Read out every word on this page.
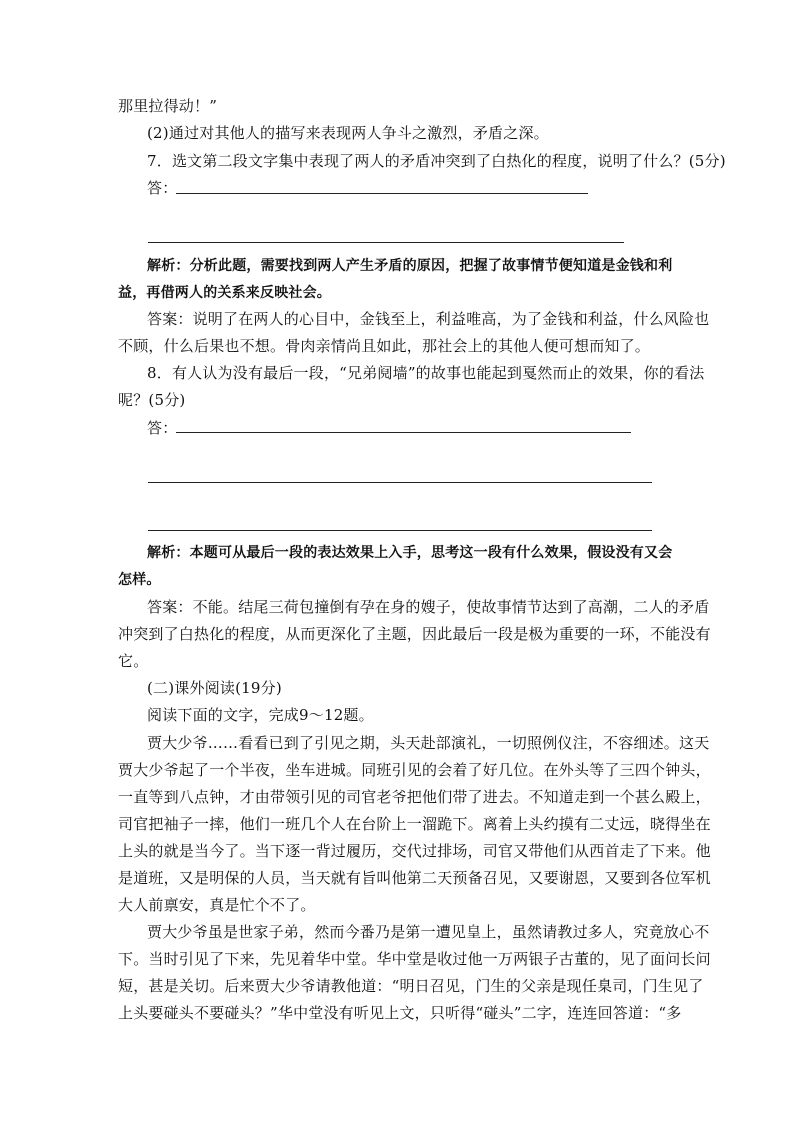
那里拉得动！”
(2)通过对其他人的描写来表现两人争斗之激烈，矛盾之深。
7．选文第二段文字集中表现了两人的矛盾冲突到了白热化的程度，说明了什么？(5分)
答：
解析：分析此题，需要找到两人产生矛盾的原因，把握了故事情节便知道是金钱和利
益，再借两人的关系来反映社会。
答案：说明了在两人的心目中，金钱至上，利益唯高，为了金钱和利益，什么风险也
不顾，什么后果也不想。骨肉亲情尚且如此，那社会上的其他人便可想而知了。
8．有人认为没有最后一段，“兄弟阋墙”的故事也能起到戛然而止的效果，你的看法
呢？(5分)
答：
解析：本题可从最后一段的表达效果上入手，思考这一段有什么效果，假设没有又会
怎样。
答案：不能。结尾三荷包撞倒有孕在身的嫂子，使故事情节达到了高潮，二人的矛盾
冲突到了白热化的程度，从而更深化了主题，因此最后一段是极为重要的一环，不能没有
它。
(二)课外阅读(19分)
阅读下面的文字，完成9～12题。
贾大少爷……看看已到了引见之期，头天赴部演礼，一切照例仪注，不容细述。这天
贾大少爷起了一个半夜，坐车进城。同班引见的会着了好几位。在外头等了三四个钟头，
一直等到八点钟，才由带领引见的司官老爷把他们带了进去。不知道走到一个甚么殿上，
司官把袖子一摔，他们一班几个人在台阶上一溜跪下。离着上头约摸有二丈远，晓得坐在
上头的就是当今了。当下逐一背过履历，交代过排场，司官又带他们从西首走了下来。他
是道班，又是明保的人员，当天就有旨叫他第二天预备召见，又要谢恩，又要到各位军机
大人前禀安，真是忙个不了。
贾大少爷虽是世家子弟，然而今番乃是第一遭见皇上，虽然请教过多人，究竟放心不
下。当时引见了下来，先见着华中堂。华中堂是收过他一万两银子古董的，见了面问长问
短，甚是关切。后来贾大少爷请教他道：“明日召见，门生的父亲是现任臬司，门生见了
上头要碰头不要碰头？”华中堂没有听见上文，只听得“碰头”二字，连连回答道：“多
